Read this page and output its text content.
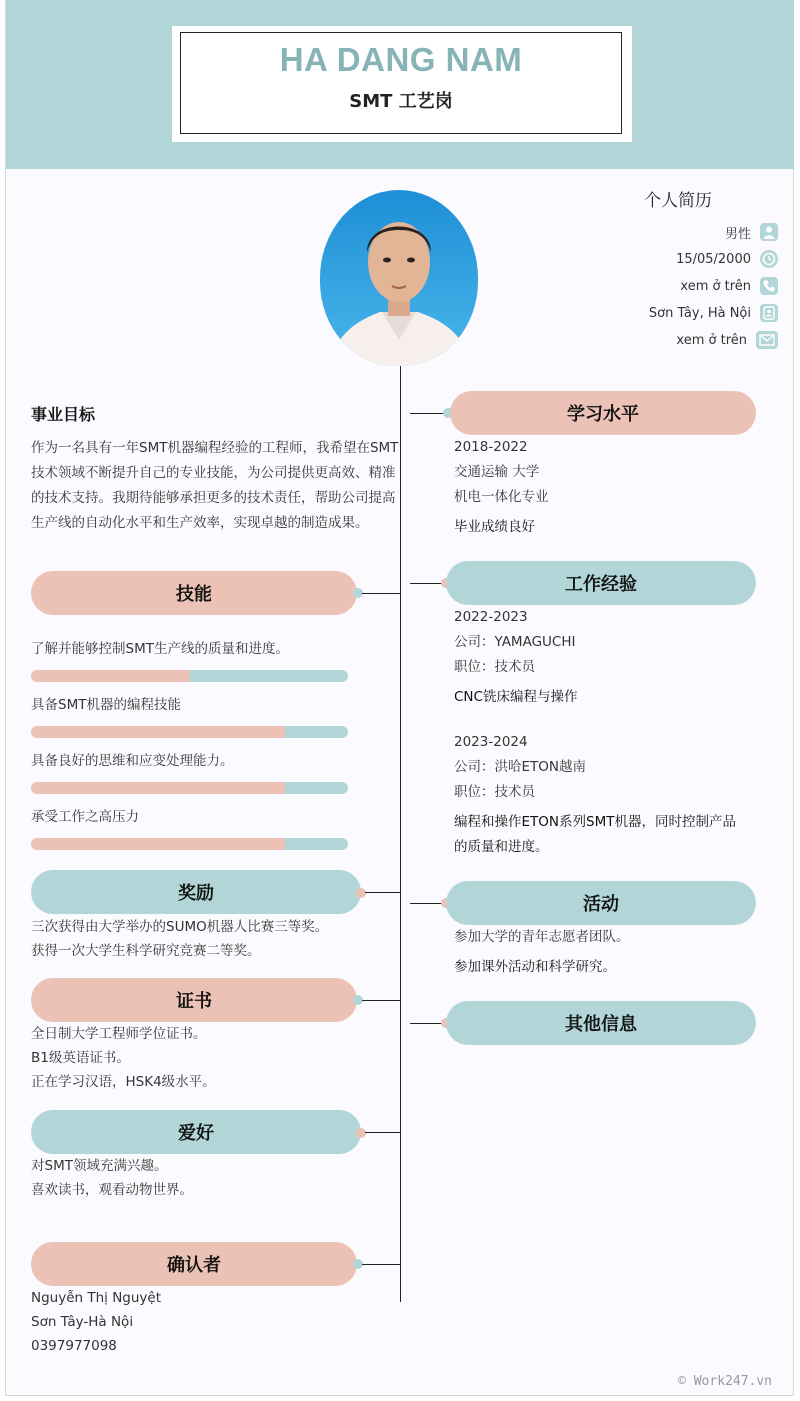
HA DANG NAM
SMT 工艺岗
个人简历
男性
15/05/2000
xem ở trên
Sơn Tây, Hà Nội
xem ở trên
事业目标
作为一名具有一年SMT机器编程经验的工程师，我希望在SMT技术领域不断提升自己的专业技能，为公司提供更高效、精准的技术支持。我期待能够承担更多的技术责任，帮助公司提高生产线的自动化水平和生产效率，实现卓越的制造成果。
技能
了解并能够控制SMT生产线的质量和进度。
具备SMT机器的编程技能
具备良好的思维和应变处理能力。
承受工作之高压力
奖励
三次获得由大学举办的SUMO机器人比赛三等奖。
获得一次大学生科学研究竞赛二等奖。
证书
全日制大学工程师学位证书。
B1级英语证书。
正在学习汉语，HSK4级水平。
爱好
对SMT领域充满兴趣。
喜欢读书，观看动物世界。
确认者
Nguyễn Thị Nguyệt
Sơn Tây-Hà Nội
0397977098
学习水平
2018-2022
交通运输 大学
机电一体化专业
毕业成绩良好
工作经验
2022-2023
公司：YAMAGUCHI
职位：技术员
CNC铣床编程与操作
2023-2024
公司：洪哈ETON越南
职位：技术员
编程和操作ETON系列SMT机器，同时控制产品
的质量和进度。
活动
参加大学的青年志愿者团队。
参加课外活动和科学研究。
其他信息
© Work247.vn
